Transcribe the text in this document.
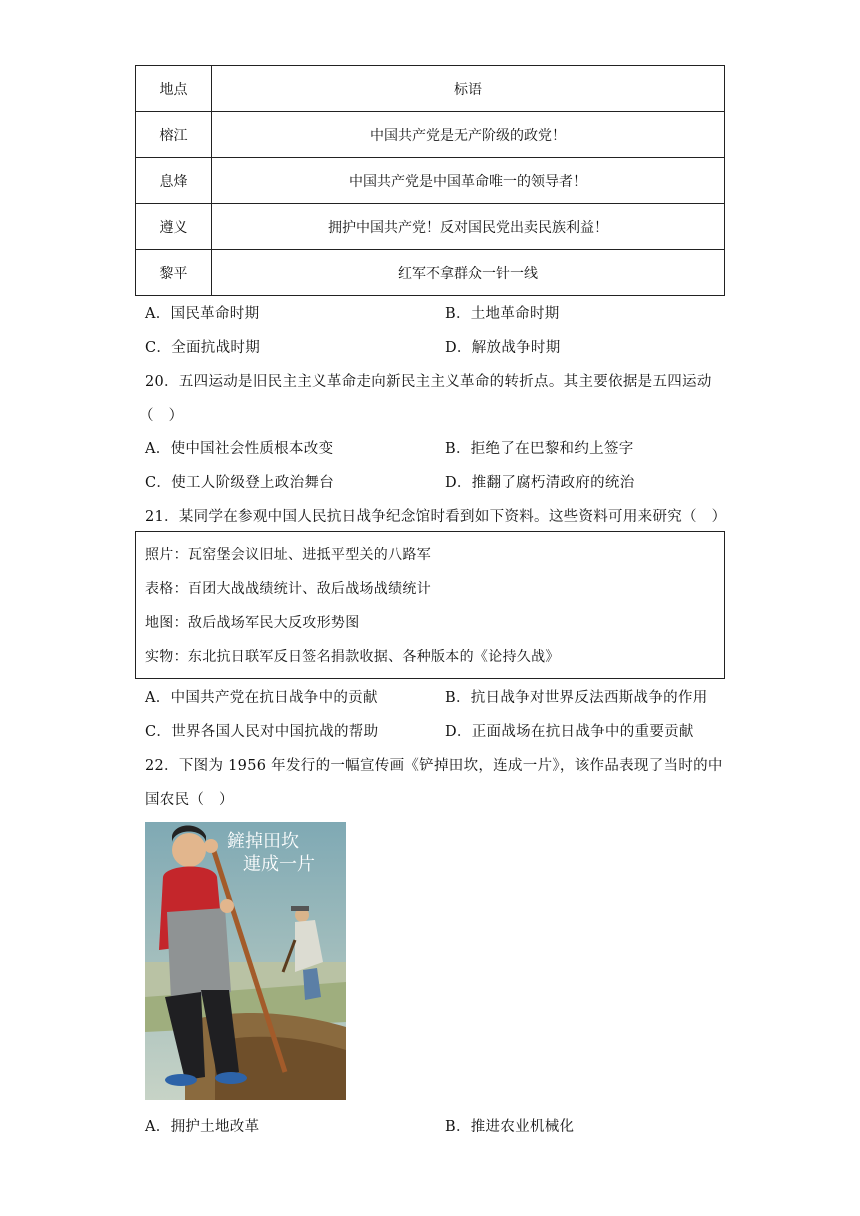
地点	标语
榕江	中国共产党是无产阶级的政党！
息烽	中国共产党是中国革命唯一的领导者！
遵义	拥护中国共产党！反对国民党出卖民族利益！
黎平	红军不拿群众一针一线
A．国民革命时期	B．土地革命时期
C．全面抗战时期	D．解放战争时期
20．五四运动是旧民主主义革命走向新民主主义革命的转折点。其主要依据是五四运动
（　）
A．使中国社会性质根本改变	B．拒绝了在巴黎和约上签字
C．使工人阶级登上政治舞台	D．推翻了腐朽清政府的统治
21．某同学在参观中国人民抗日战争纪念馆时看到如下资料。这些资料可用来研究（　）
照片：瓦窑堡会议旧址、进抵平型关的八路军
表格：百团大战战绩统计、敌后战场战绩统计
地图：敌后战场军民大反攻形势图
实物：东北抗日联军反日签名捐款收据、各种版本的《论持久战》
A．中国共产党在抗日战争中的贡献	B．抗日战争对世界反法西斯战争的作用
C．世界各国人民对中国抗战的帮助	D．正面战场在抗日战争中的重要贡献
22．下图为 1956 年发行的一幅宣传画《铲掉田坎，连成一片》，该作品表现了当时的中
国农民（　）
鏟掉田坎
連成一片
A．拥护土地改革	B．推进农业机械化
